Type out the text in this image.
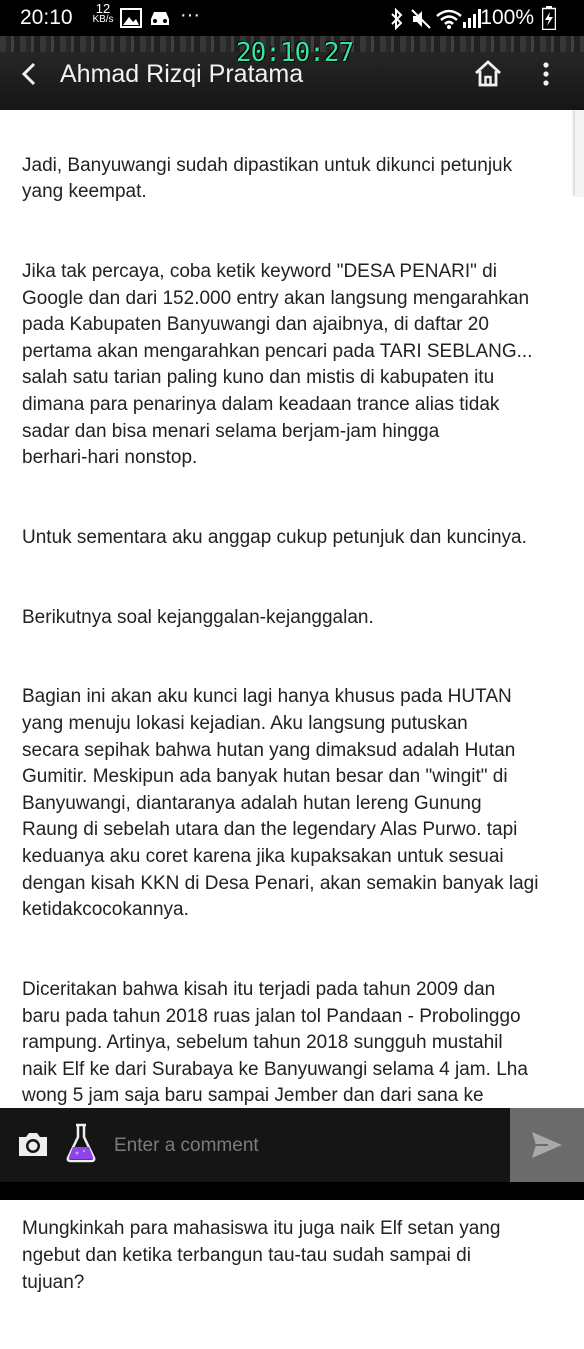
20:10	12
KB/s	···	100%
Ahmad Rizqi Pratama
20:10:27

Jadi, Banyuwangi sudah dipastikan untuk dikunci petunjuk
yang keempat.

Jika tak percaya, coba ketik keyword "DESA PENARI" di
Google dan dari 152.000 entry akan langsung mengarahkan
pada Kabupaten Banyuwangi dan ajaibnya, di daftar 20
pertama akan mengarahkan pencari pada TARI SEBLANG...
salah satu tarian paling kuno dan mistis di kabupaten itu
dimana para penarinya dalam keadaan trance alias tidak
sadar dan bisa menari selama berjam-jam hingga
berhari-hari nonstop.

Untuk sementara aku anggap cukup petunjuk dan kuncinya.

Berikutnya soal kejanggalan-kejanggalan.

Bagian ini akan aku kunci lagi hanya khusus pada HUTAN
yang menuju lokasi kejadian. Aku langsung putuskan
secara sepihak bahwa hutan yang dimaksud adalah Hutan
Gumitir. Meskipun ada banyak hutan besar dan "wingit" di
Banyuwangi, diantaranya adalah hutan lereng Gunung
Raung di sebelah utara dan the legendary Alas Purwo. tapi
keduanya aku coret karena jika kupaksakan untuk sesuai
dengan kisah KKN di Desa Penari, akan semakin banyak lagi
ketidakcocokannya.

Diceritakan bahwa kisah itu terjadi pada tahun 2009 dan
baru pada tahun 2018 ruas jalan tol Pandaan - Probolinggo
rampung. Artinya, sebelum tahun 2018 sungguh mustahil
naik Elf ke dari Surabaya ke Banyuwangi selama 4 jam. Lha
wong 5 jam saja baru sampai Jember dan dari sana ke

Mungkinkah para mahasiswa itu juga naik Elf setan yang
ngebut dan ketika terbangun tau-tau sudah sampai di
tujuan?

Enter a comment
